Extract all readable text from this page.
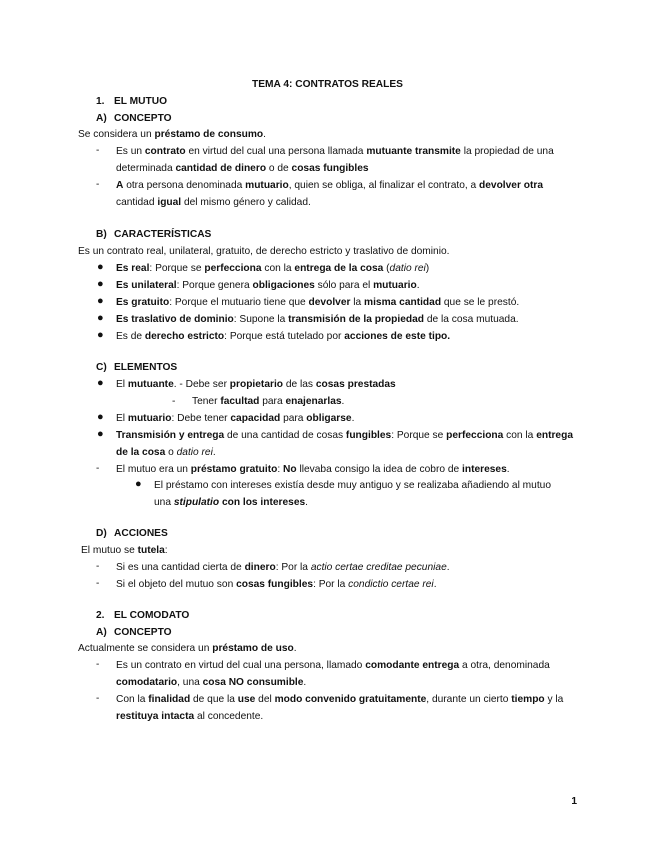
TEMA 4: CONTRATOS REALES
1. EL MUTUO
A) CONCEPTO
Se considera un préstamo de consumo.
- Es un contrato en virtud del cual una persona llamada mutuante transmite la propiedad de una
determinada cantidad de dinero o de cosas fungibles
- A otra persona denominada mutuario, quien se obliga, al finalizar el contrato, a devolver otra
cantidad igual del mismo género y calidad.
B) CARACTERÍSTICAS
Es un contrato real, unilateral, gratuito, de derecho estricto y traslativo de dominio.
● Es real: Porque se perfecciona con la entrega de la cosa (datio rei)
● Es unilateral: Porque genera obligaciones sólo para el mutuario.
● Es gratuito: Porque el mutuario tiene que devolver la misma cantidad que se le prestó.
● Es traslativo de dominio: Supone la transmisión de la propiedad de la cosa mutuada.
● Es de derecho estricto: Porque está tutelado por acciones de este tipo.
C) ELEMENTOS
● El mutuante. - Debe ser propietario de las cosas prestadas
- Tener facultad para enajenarlas.
● El mutuario: Debe tener capacidad para obligarse.
● Transmisión y entrega de una cantidad de cosas fungibles: Porque se perfecciona con la entrega
de la cosa o datio rei.
- El mutuo era un préstamo gratuito: No llevaba consigo la idea de cobro de intereses.
● El préstamo con intereses existía desde muy antiguo y se realizaba añadiendo al mutuo
una stipulatio con los intereses.
D) ACCIONES
El mutuo se tutela:
- Si es una cantidad cierta de dinero: Por la actio certae creditae pecuniae.
- Si el objeto del mutuo son cosas fungibles: Por la condictio certae rei.
2. EL COMODATO
A) CONCEPTO
Actualmente se considera un préstamo de uso.
- Es un contrato en virtud del cual una persona, llamado comodante entrega a otra, denominada
comodatario, una cosa NO consumible.
- Con la finalidad de que la use del modo convenido gratuitamente, durante un cierto tiempo y la
restituya intacta al concedente.
1
